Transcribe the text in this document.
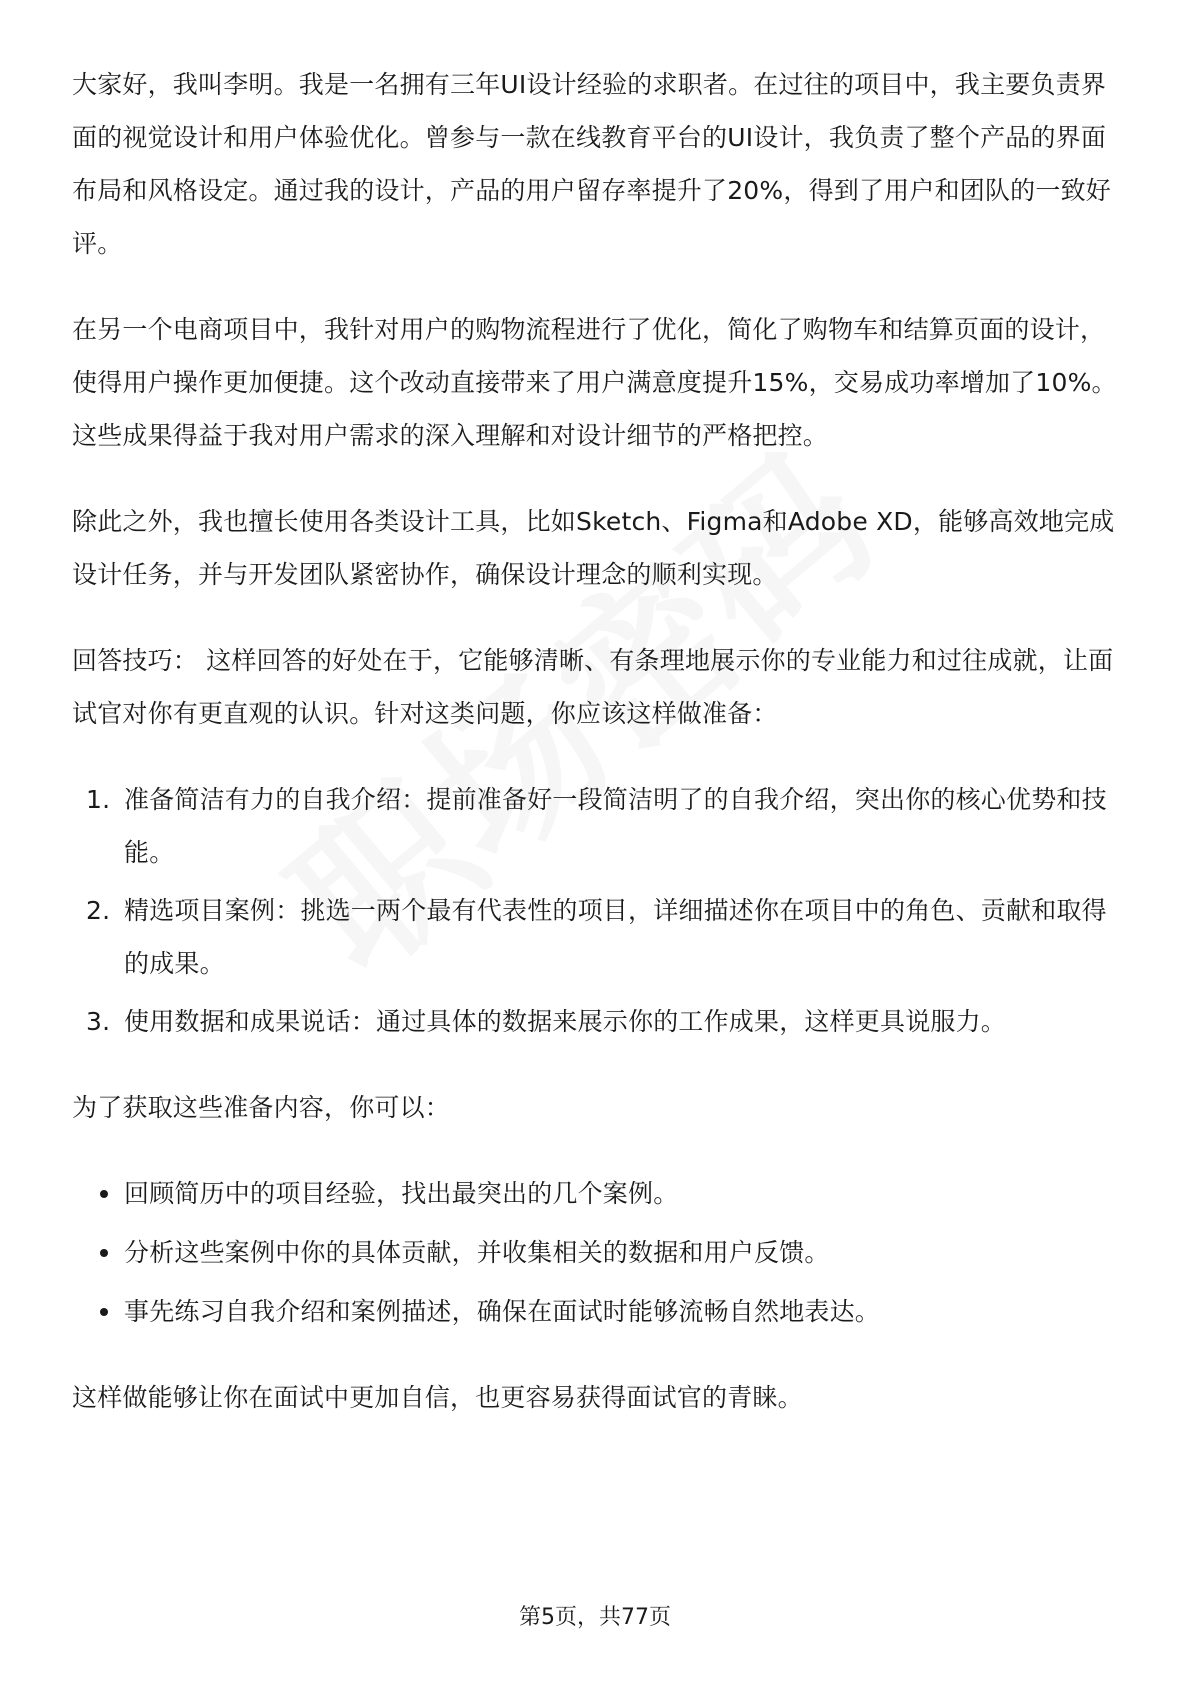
大家好，我叫李明。我是一名拥有三年UI设计经验的求职者。在过往的项目中，我主要负责界面的视觉设计和用户体验优化。曾参与一款在线教育平台的UI设计，我负责了整个产品的界面布局和风格设定。通过我的设计，产品的用户留存率提升了20%，得到了用户和团队的一致好评。

在另一个电商项目中，我针对用户的购物流程进行了优化，简化了购物车和结算页面的设计，使得用户操作更加便捷。这个改动直接带来了用户满意度提升15%，交易成功率增加了10%。这些成果得益于我对用户需求的深入理解和对设计细节的严格把控。

除此之外，我也擅长使用各类设计工具，比如Sketch、Figma和Adobe XD，能够高效地完成设计任务，并与开发团队紧密协作，确保设计理念的顺利实现。

回答技巧： 这样回答的好处在于，它能够清晰、有条理地展示你的专业能力和过往成就，让面试官对你有更直观的认识。针对这类问题，你应该这样做准备：

1. 准备简洁有力的自我介绍：提前准备好一段简洁明了的自我介绍，突出你的核心优势和技能。
2. 精选项目案例：挑选一两个最有代表性的项目，详细描述你在项目中的角色、贡献和取得的成果。
3. 使用数据和成果说话：通过具体的数据来展示你的工作成果，这样更具说服力。

为了获取这些准备内容，你可以：

回顾简历中的项目经验，找出最突出的几个案例。
分析这些案例中你的具体贡献，并收集相关的数据和用户反馈。
事先练习自我介绍和案例描述，确保在面试时能够流畅自然地表达。

这样做能够让你在面试中更加自信，也更容易获得面试官的青睐。

第5页，共77页
